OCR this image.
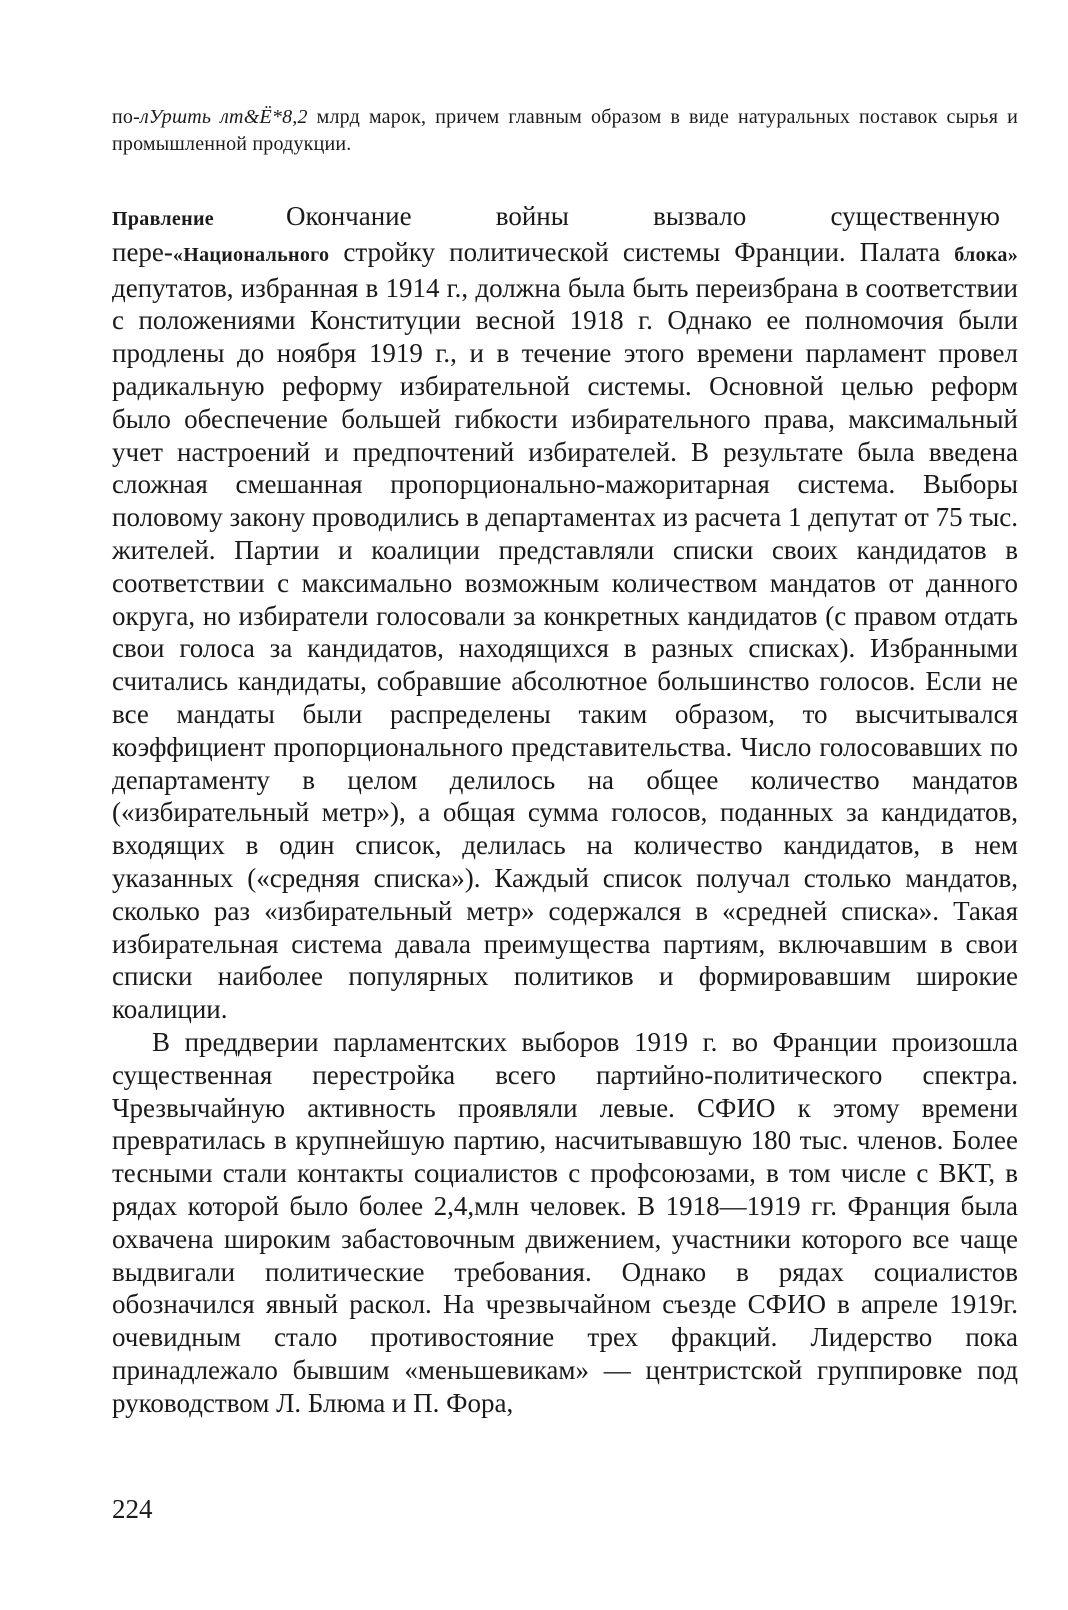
по-лУршть лт&Ё*8,2 млрд марок, причем главным образом в виде натуральных поставок сырья и промышленной продукции.

Правление	Окончание войны вызвало существенную
пере-«Национального стройку политической системы Франции. Палата блока» депутатов, избранная в 1914 г., должна была быть переизбрана в соответствии с положениями Конституции весной 1918 г. Однако ее полномочия были продлены до ноября 1919 г., и в течение этого времени парламент провел радикальную реформу избирательной системы. Основной целью реформ было обеспечение большей гибкости избирательного права, максимальный учет настроений и предпочтений избирателей. В результате была введена сложная смешанная пропорционально-мажоритарная система. Выборы половому закону проводились в департаментах из расчета 1 депутат от 75 тыс. жителей. Партии и коалиции представляли списки своих кандидатов в соответствии с максимально возможным количеством мандатов от данного округа, но избиратели голосовали за конкретных кандидатов (с правом отдать свои голоса за кандидатов, находящихся в разных списках). Избранными считались кандидаты, собравшие абсолютное большинство голосов. Если не все мандаты были распределены таким образом, то высчитывался коэффициент пропорционального представительства. Число голосовавших по департаменту в целом делилось на общее количество мандатов («избирательный метр»), а общая сумма голосов, поданных за кандидатов, входящих в один список, делилась на количество кандидатов, в нем указанных («средняя списка»). Каждый список получал столько мандатов, сколько раз «избирательный метр» содержался в «средней списка». Такая избирательная система давала преимущества партиям, включавшим в свои списки наиболее популярных политиков и формировавшим широкие коалиции.

В преддверии парламентских выборов 1919 г. во Франции произошла существенная перестройка всего партийно-политического спектра. Чрезвычайную активность проявляли левые. СФИО к этому времени превратилась в крупнейшую партию, насчитывавшую 180 тыс. членов. Более тесными стали контакты социалистов с профсоюзами, в том числе с ВКТ, в рядах которой было более 2,4,млн человек. В 1918—1919 гг. Франция была охвачена широким забастовочным движением, участники которого все чаще выдвигали политические требования. Однако в рядах социалистов обозначился явный раскол. На чрезвычайном съезде СФИО в апреле 1919г. очевидным стало противостояние трех фракций. Лидерство пока принадлежало бывшим «меньшевикам» — центристской группировке под руководством Л. Блюма и П. Фора,

224
